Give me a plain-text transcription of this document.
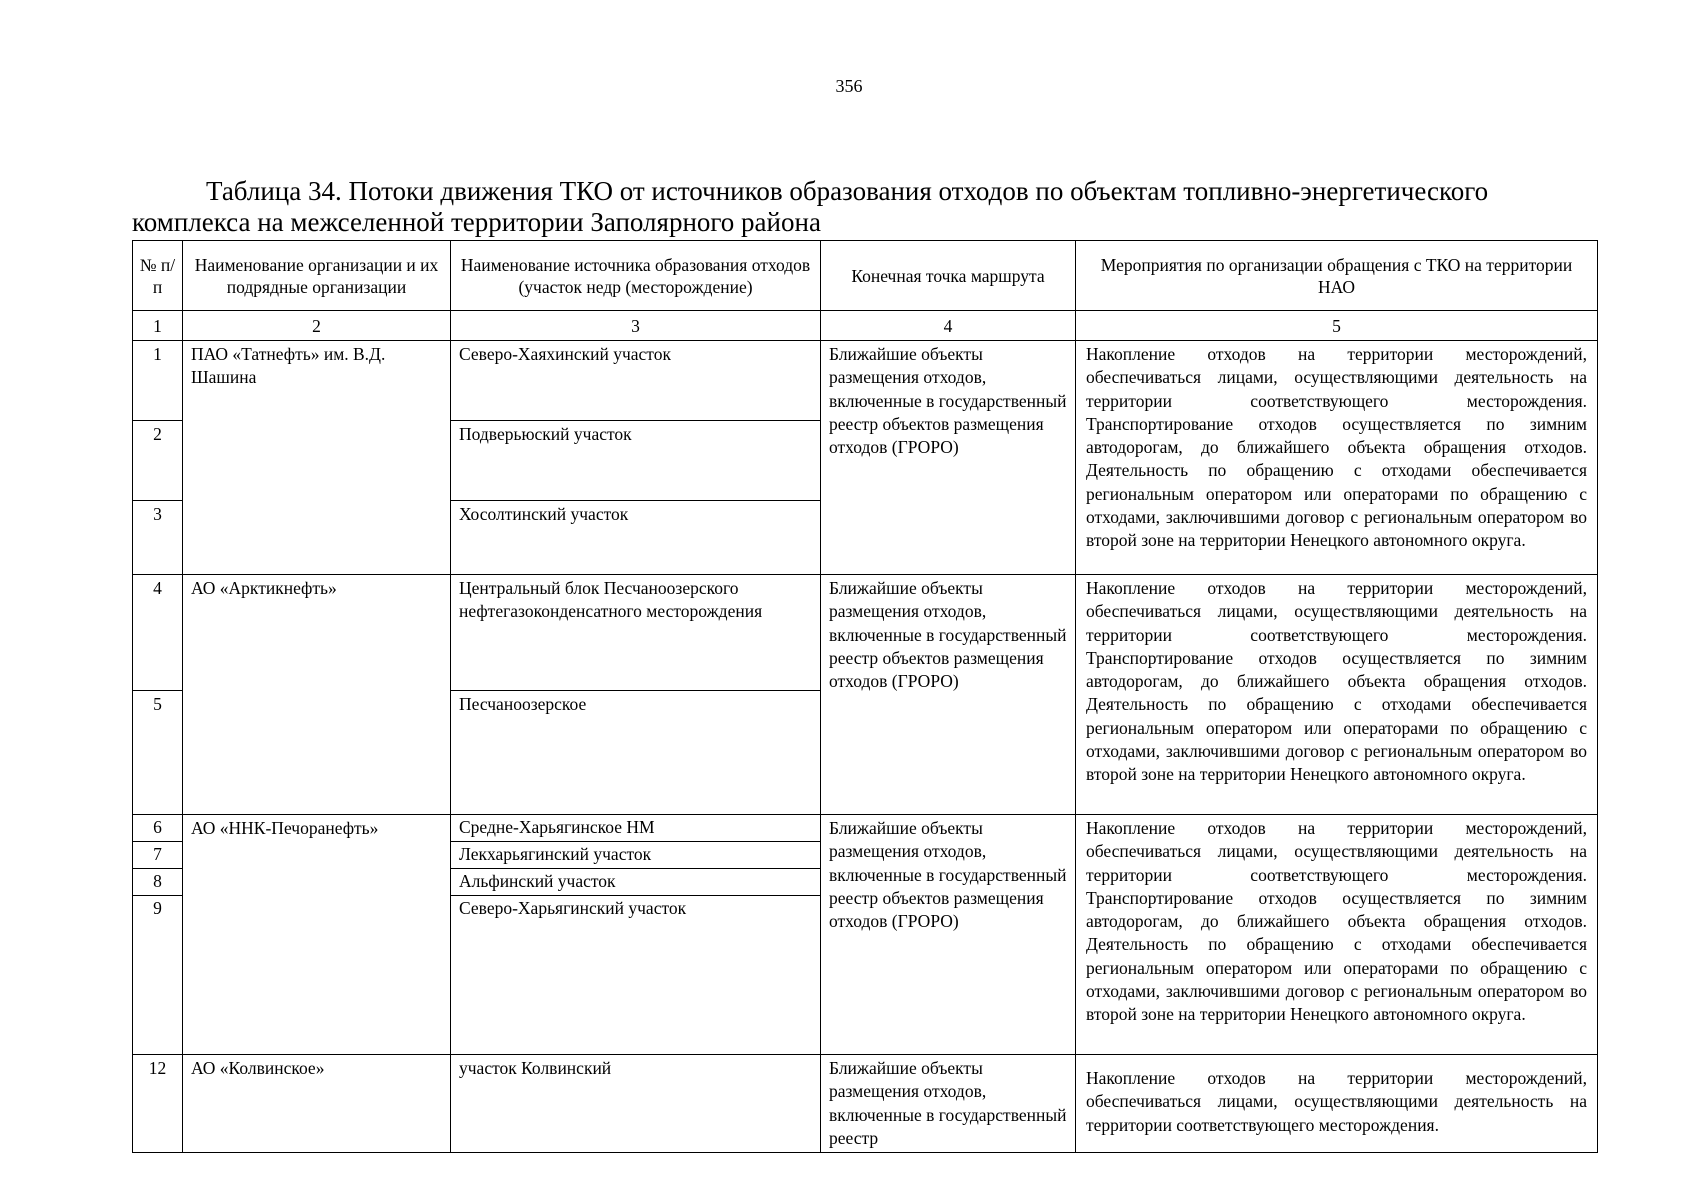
356
Таблица 34. Потоки движения ТКО от источников образования отходов по объектам топливно-энергетического комплекса на межселенной территории Заполярного района
№ п/п	Наименование организации и их подрядные организации	Наименование источника образования отходов (участок недр (месторождение)	Конечная точка маршрута	Мероприятия по организации обращения с ТКО на территории НАО
1	2	3	4	5
1	ПАО «Татнефть» им. В.Д. Шашина	Северо-Хаяхинский участок	Ближайшие объекты размещения отходов, включенные в государственный реестр объектов размещения отходов (ГРОРО)	Накопление отходов на территории месторождений, обеспечиваться лицами, осуществляющими деятельность на территории соответствующего месторождения. Транспортирование отходов осуществляется по зимним автодорогам, до ближайшего объекта обращения отходов. Деятельность по обращению с отходами обеспечивается региональным оператором или операторами по обращению с отходами, заключившими договор с региональным оператором во второй зоне на территории Ненецкого автономного округа.

2		Подверьюский участок		
3		Хосолтинский участок		
4	АО «Арктикнефть»	Центральный блок Песчаноозерского нефтегазоконденсатного месторождения	Ближайшие объекты размещения отходов, включенные в государственный реестр объектов размещения отходов (ГРОРО)	Накопление отходов на территории месторождений, обеспечиваться лицами, осуществляющими деятельность на территории соответствующего месторождения. Транспортирование отходов осуществляется по зимним автодорогам, до ближайшего объекта обращения отходов. Деятельность по обращению с отходами обеспечивается региональным оператором или операторами по обращению с отходами, заключившими договор с региональным оператором во второй зоне на территории Ненецкого автономного округа.

5		Песчаноозерское		
6	АО «ННК-Печоранефть»	Средне-Харьягинское НМ	Ближайшие объекты размещения отходов, включенные в государственный реестр объектов размещения отходов (ГРОРО)	Накопление отходов на территории месторождений, обеспечиваться лицами, осуществляющими деятельность на территории соответствующего месторождения. Транспортирование отходов осуществляется по зимним автодорогам, до ближайшего объекта обращения отходов. Деятельность по обращению с отходами обеспечивается региональным оператором или операторами по обращению с отходами, заключившими договор с региональным оператором во второй зоне на территории Ненецкого автономного округа.

7		Лекхарьягинский участок		
8		Альфинский участок		
9		Северо-Харьягинский участок		
12	АО «Колвинское»	участок Колвинский	Ближайшие объекты размещения отходов, включенные в государственный реестр	Накопление отходов на территории месторождений, обеспечиваться лицами, осуществляющими деятельность на территории соответствующего месторождения.
